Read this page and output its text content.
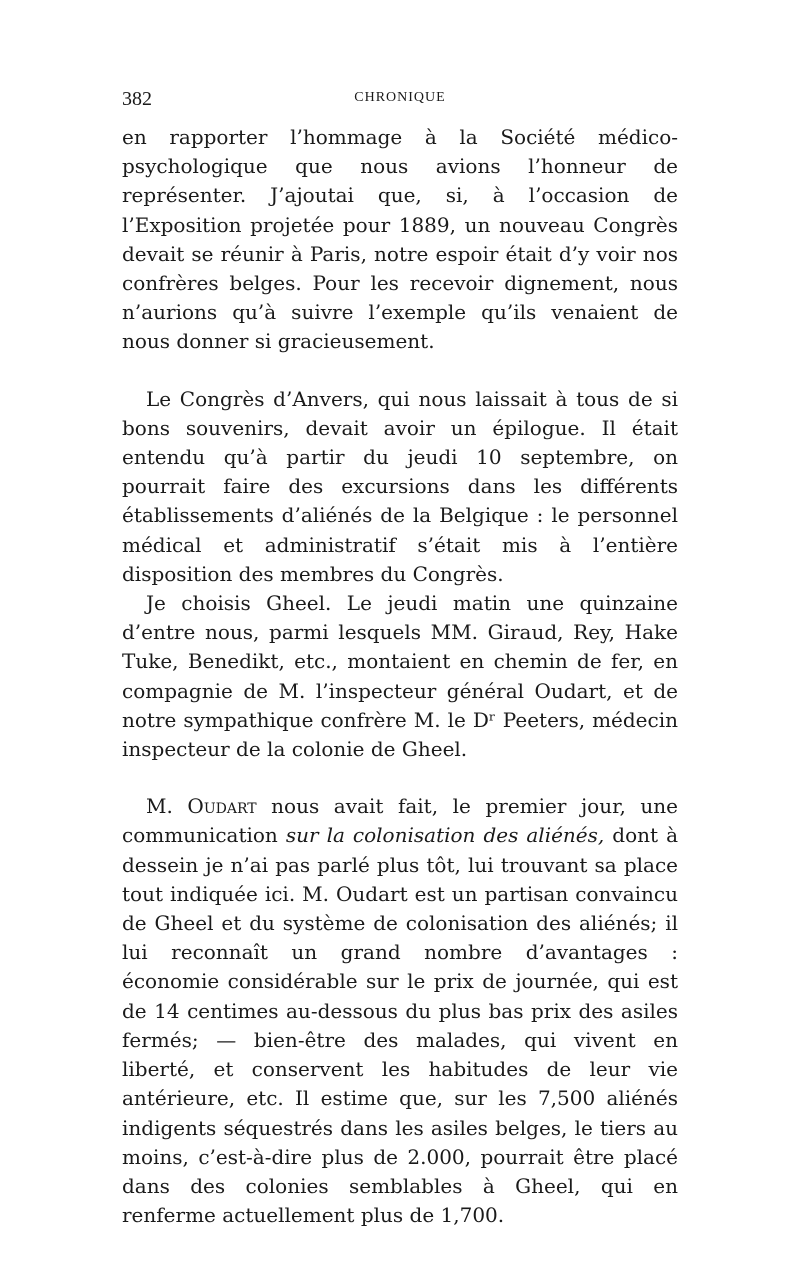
382	CHRONIQUE

en rapporter l’hommage à la Société médico-psychologique que nous avions l’honneur de représenter. J’ajoutai que, si, à l’occasion de l’Exposition projetée pour 1889, un nouveau Congrès devait se réunir à Paris, notre espoir était d’y voir nos confrères belges. Pour les recevoir dignement, nous n’aurions qu’à suivre l’exemple qu’ils venaient de nous donner si gracieusement.

Le Congrès d’Anvers, qui nous laissait à tous de si bons souvenirs, devait avoir un épilogue. Il était entendu qu’à partir du jeudi 10 septembre, on pourrait faire des excursions dans les différents établissements d’aliénés de la Belgique : le personnel médical et administratif s’était mis à l’entière disposition des membres du Congrès.

Je choisis Gheel. Le jeudi matin une quinzaine d’entre nous, parmi lesquels MM. Giraud, Rey, Hake Tuke, Benedikt, etc., montaient en chemin de fer, en compagnie de M. l’inspecteur général Oudart, et de notre sympathique confrère M. le Dʳ Peeters, médecin inspecteur de la colonie de Gheel.

M. Oudart nous avait fait, le premier jour, une communication sur la colonisation des aliénés, dont à dessein je n’ai pas parlé plus tôt, lui trouvant sa place tout indiquée ici. M. Oudart est un partisan convaincu de Gheel et du système de colonisation des aliénés; il lui reconnaît un grand nombre d’avantages : économie considérable sur le prix de journée, qui est de 14 centimes au-dessous du plus bas prix des asiles fermés; — bien-être des malades, qui vivent en liberté, et conservent les habitudes de leur vie antérieure, etc. Il estime que, sur les 7,500 aliénés indigents séquestrés dans les asiles belges, le tiers au moins, c’est-à-dire plus de 2.000, pourrait être placé dans des colonies semblables à Gheel, qui en renferme actuellement plus de 1,700.
